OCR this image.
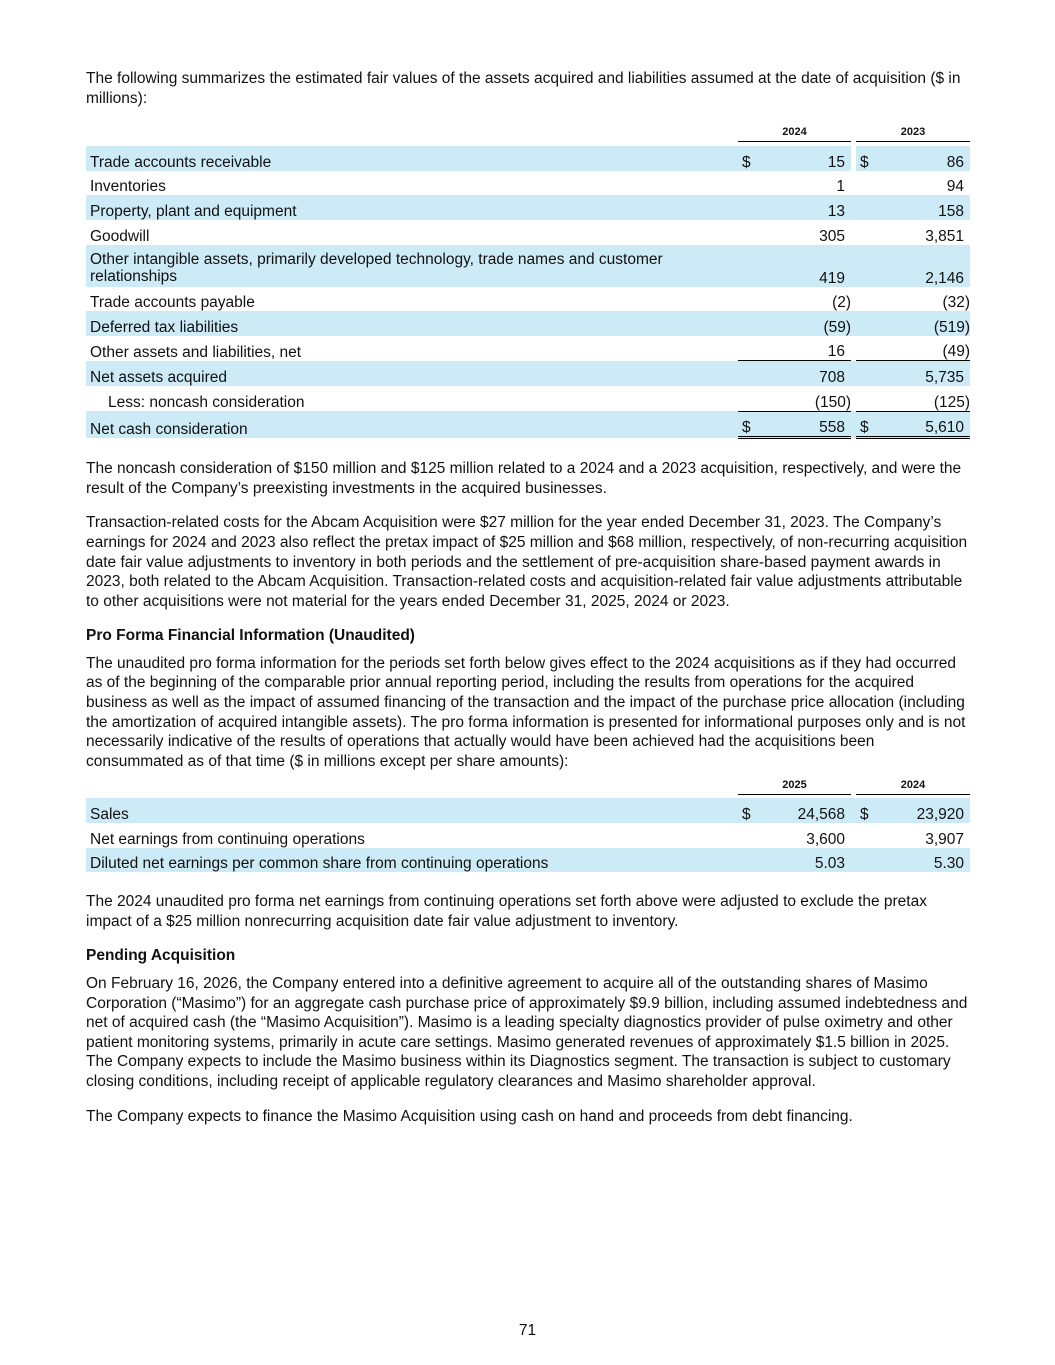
The following summarizes the estimated fair values of the assets acquired and liabilities assumed at the date of acquisition ($ in millions):

	2024			2023	

Trade accounts receivable	$	15		$	86
Inventories		1			94
Property, plant and equipment		13			158
Goodwill		305			3,851
Other intangible assets, primarily developed technology, trade names and customer relationships		419			2,146
Trade accounts payable		(2)			(32)
Deferred tax liabilities		(59)			(519)
Other assets and liabilities, net		16			(49)
Net assets acquired		708			5,735
Less: noncash consideration		(150)			(125)
Net cash consideration	$	558		$	5,610

The noncash consideration of $150 million and $125 million related to a 2024 and a 2023 acquisition, respectively, and were the result of the Company’s preexisting investments in the acquired businesses.

Transaction-related costs for the Abcam Acquisition were $27 million for the year ended December 31, 2023. The Company’s earnings for 2024 and 2023 also reflect the pretax impact of $25 million and $68 million, respectively, of non-recurring acquisition date fair value adjustments to inventory in both periods and the settlement of pre-acquisition share-based payment awards in 2023, both related to the Abcam Acquisition. Transaction-related costs and acquisition-related fair value adjustments attributable to other acquisitions were not material for the years ended December 31, 2025, 2024 or 2023.

Pro Forma Financial Information (Unaudited)

The unaudited pro forma information for the periods set forth below gives effect to the 2024 acquisitions as if they had occurred as of the beginning of the comparable prior annual reporting period, including the results from operations for the acquired business as well as the impact of assumed financing of the transaction and the impact of the purchase price allocation (including the amortization of acquired intangible assets). The pro forma information is presented for informational purposes only and is not necessarily indicative of the results of operations that actually would have been achieved had the acquisitions been consummated as of that time ($ in millions except per share amounts):

	2025			2024	

Sales	$	24,568		$	23,920
Net earnings from continuing operations		3,600			3,907
Diluted net earnings per common share from continuing operations		5.03			5.30

The 2024 unaudited pro forma net earnings from continuing operations set forth above were adjusted to exclude the pretax impact of a $25 million nonrecurring acquisition date fair value adjustment to inventory.

Pending Acquisition

On February 16, 2026, the Company entered into a definitive agreement to acquire all of the outstanding shares of Masimo Corporation (“Masimo”) for an aggregate cash purchase price of approximately $9.9 billion, including assumed indebtedness and net of acquired cash (the “Masimo Acquisition”). Masimo is a leading specialty diagnostics provider of pulse oximetry and other patient monitoring systems, primarily in acute care settings. Masimo generated revenues of approximately $1.5 billion in 2025. The Company expects to include the Masimo business within its Diagnostics segment. The transaction is subject to customary closing conditions, including receipt of applicable regulatory clearances and Masimo shareholder approval.

The Company expects to finance the Masimo Acquisition using cash on hand and proceeds from debt financing.

71
